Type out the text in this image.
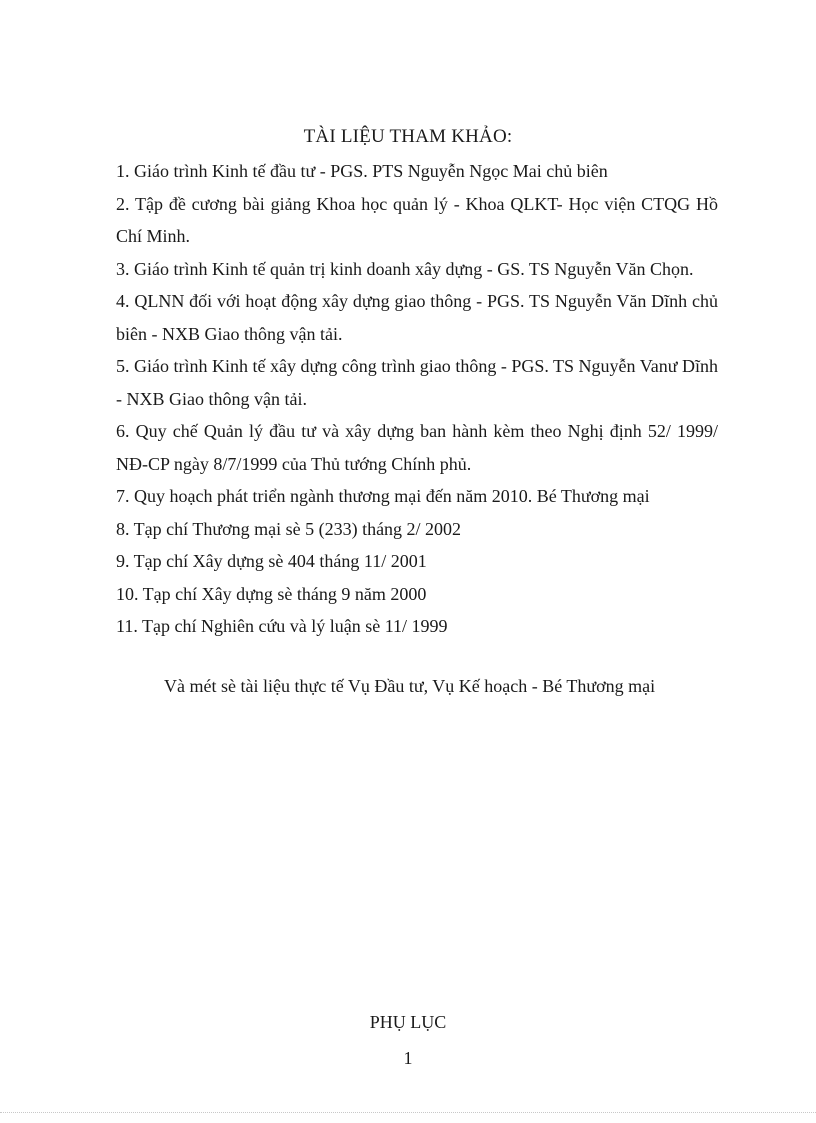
TÀI LIỆU THAM KHẢO:
1. Giáo trình Kinh tế đầu tư - PGS. PTS Nguyễn Ngọc Mai chủ biên
2. Tập đề cương bài giảng Khoa học quản lý - Khoa QLKT- Học viện CTQG Hồ Chí Minh.
3. Giáo trình Kinh tế quản trị kinh doanh xây dựng - GS. TS Nguyễn Văn Chọn.
4. QLNN đối với hoạt động xây dựng giao thông - PGS. TS Nguyễn Văn Dĩnh chủ biên - NXB Giao thông vận tải.
5. Giáo trình Kinh tế xây dựng công trình giao thông - PGS. TS Nguyễn Vanư Dĩnh - NXB Giao thông vận tải.
6. Quy chế Quản lý đầu tư và xây dựng ban hành kèm theo Nghị định 52/ 1999/ NĐ-CP ngày 8/7/1999 của Thủ tướng Chính phủ.
7. Quy hoạch phát triển ngành thương mại đến năm 2010. Bé Thương mại
8. Tạp chí Thương mại sè 5 (233) tháng 2/ 2002
9. Tạp chí Xây dựng sè 404 tháng 11/ 2001
10. Tạp chí Xây dựng sè tháng 9 năm 2000
11. Tạp chí Nghiên cứu và lý luận sè 11/ 1999
Và mét sè tài liệu thực tế Vụ Đầu tư, Vụ Kế hoạch - Bé Thương mại
PHỤ LỤC
1
